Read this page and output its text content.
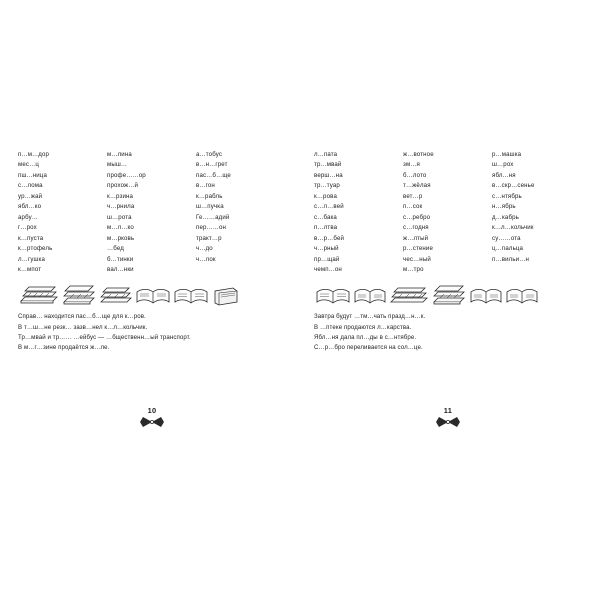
п…м…дор
мес…ц
пш…ница
с…лома
ур…жай
ябл…ко
арбу…
г…рох
к…пуста
к…ртофель
л…гушка
к…мпот
м…лина
мыш…
профе……ор
прохож…й
к…рзина
ч…рнила
ш…рота
м…л…ко
м…рковь
…бед
б…тинки
вал…нки
а…тобус
в…н…грет
пас…б…ще
в…гон
к…рабль
ш…пучка
Ге……адий
пер……он
тракт…р
ч…до
ч…лок
Справ… находится пас…б…ще для к…ров.
В т…ш…не резк… зазв…нел к…л…кольчик.
Тр…мвай и тр…… …ейбус — …бщественн…ый транспорт.
В м…г…зине продаётся ж…ле.
10
л…пата
тр…мвай
верш…на
тр…туар
к…рова
с…л…вей
с…бака
п…лтва
в…р…бей
ч…рный
пр…щай
чемп…он
ж…вотное
зм…я
б…лото
т…жёлая
вет…р
п…сок
с…ребро
с…годня
ж…лтый
р…стение
чес…ный
м…тро
р…машка
ш…рох
ябл…ня
в…скр…сенье
с…нтябрь
н…ябрь
д…кабрь
к…л…кольчик
су……ота
ц…пальца
п…вильи…н
Завтра будут …тм…чать празд…н…к.
В …птеке продаются л…карства.
Ябл…ня дала пл…ды в с…нтябре.
С…р…бро переливается на сол…це.
11
